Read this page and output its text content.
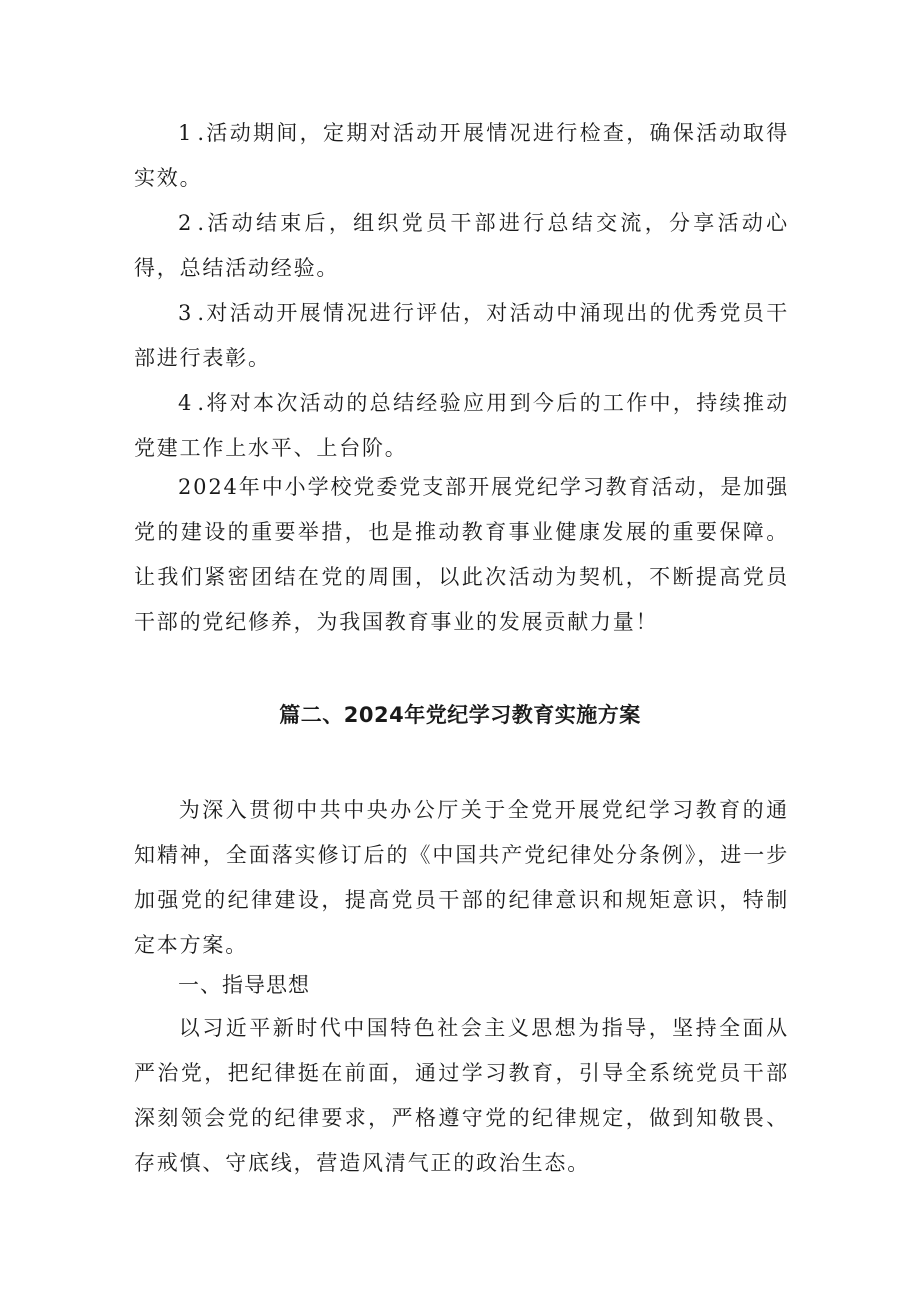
1.活动期间，定期对活动开展情况进行检查，确保活动取得实效。

2.活动结束后，组织党员干部进行总结交流，分享活动心得，总结活动经验。

3.对活动开展情况进行评估，对活动中涌现出的优秀党员干部进行表彰。

4.将对本次活动的总结经验应用到今后的工作中，持续推动党建工作上水平、上台阶。

2024年中小学校党委党支部开展党纪学习教育活动，是加强党的建设的重要举措，也是推动教育事业健康发展的重要保障。让我们紧密团结在党的周围，以此次活动为契机，不断提高党员干部的党纪修养，为我国教育事业的发展贡献力量！

篇二、2024年党纪学习教育实施方案

为深入贯彻中共中央办公厅关于全党开展党纪学习教育的通知精神，全面落实修订后的《中国共产党纪律处分条例》，进一步加强党的纪律建设，提高党员干部的纪律意识和规矩意识，特制定本方案。

一、指导思想

以习近平新时代中国特色社会主义思想为指导，坚持全面从严治党，把纪律挺在前面，通过学习教育，引导全系统党员干部深刻领会党的纪律要求，严格遵守党的纪律规定，做到知敬畏、存戒慎、守底线，营造风清气正的政治生态。
